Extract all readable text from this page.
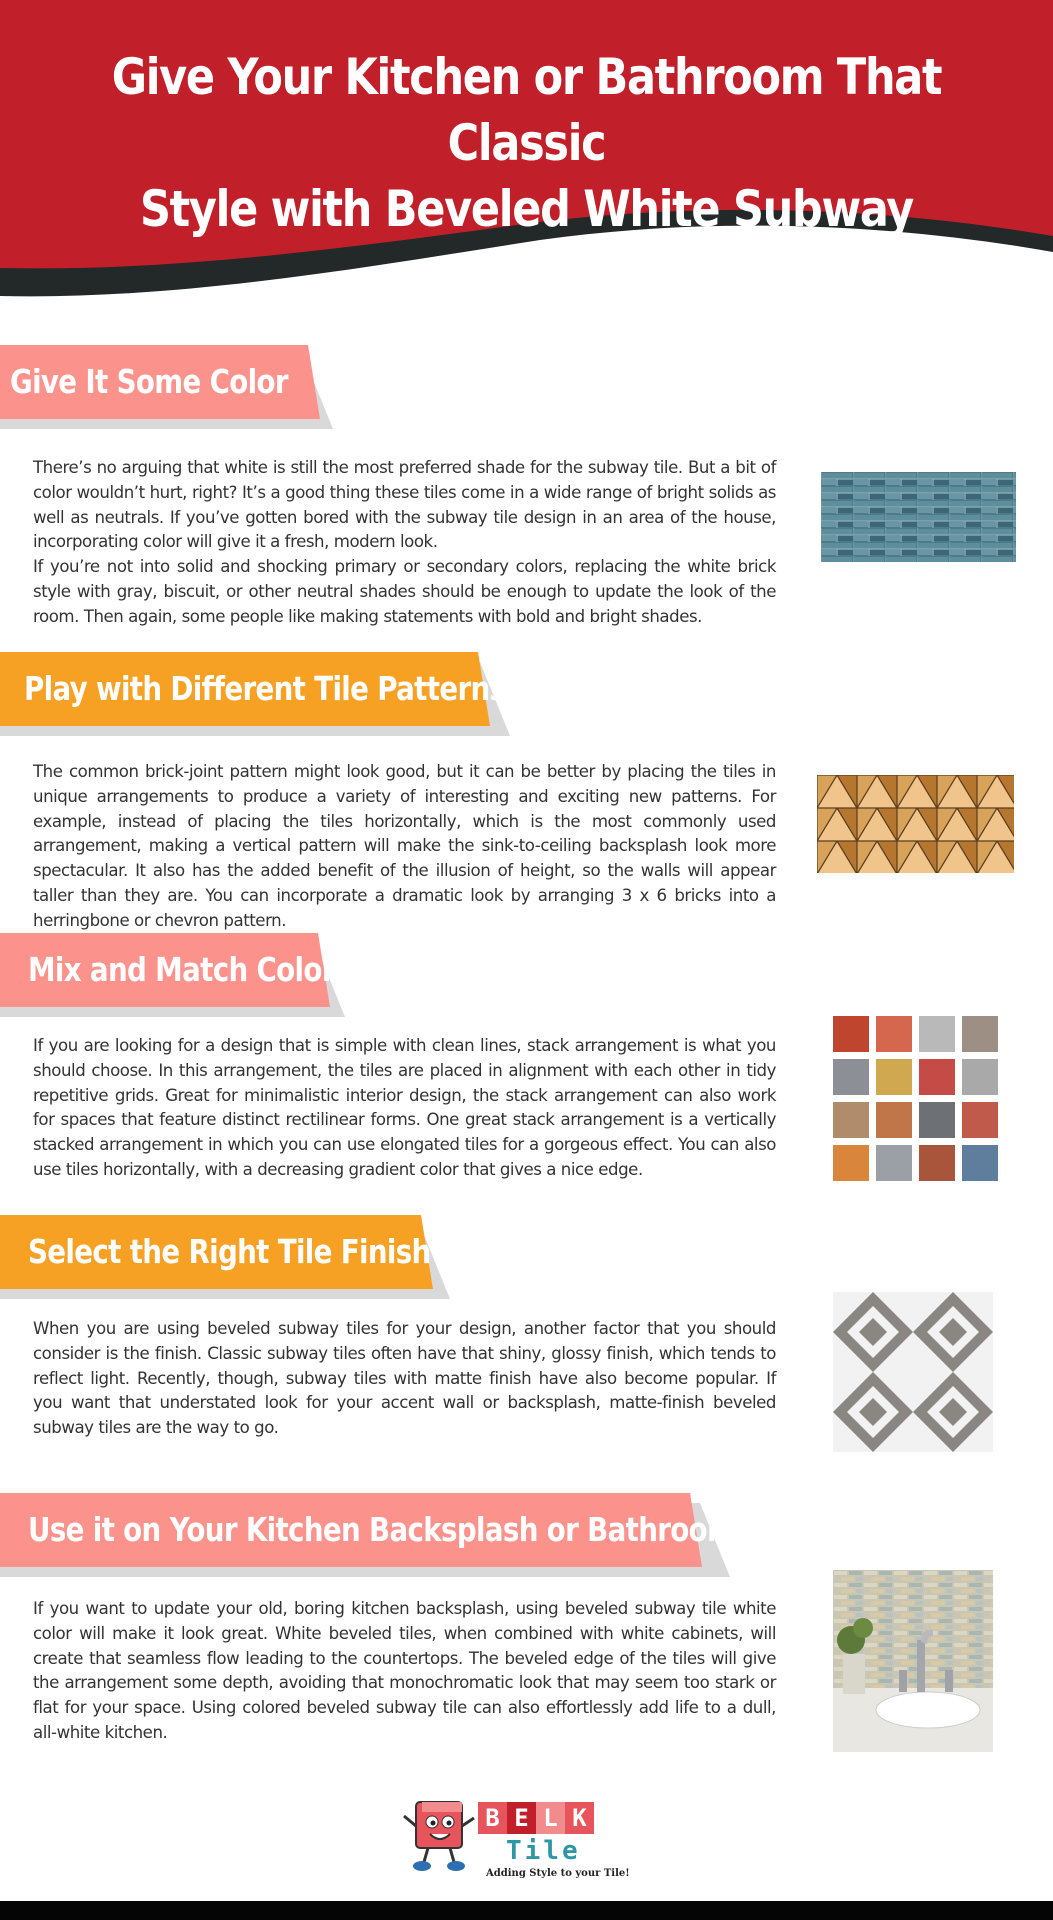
Give Your Kitchen or Bathroom That Classic
Style with Beveled White Subway Tile
Give It Some Color

There’s no arguing that white is still the most preferred shade for the subway tile. But a bit of color wouldn’t hurt, right? It’s a good thing these tiles come in a wide range of bright solids as well as neutrals. If you’ve gotten bored with the subway tile design in an area of the house, incorporating color will give it a fresh, modern look.

If you’re not into solid and shocking primary or secondary colors, replacing the white brick style with gray, biscuit, or other neutral shades should be enough to update the look of the room. Then again, some people like making statements with bold and bright shades.

Play with Different Tile Patterns

The common brick-joint pattern might look good, but it can be better by placing the tiles in unique arrangements to produce a variety of interesting and exciting new patterns. For example, instead of placing the tiles horizontally, which is the most commonly used arrangement, making a vertical pattern will make the sink-to-ceiling backsplash look more spectacular. It also has the added benefit of the illusion of height, so the walls will appear taller than they are. You can incorporate a dramatic look by arranging 3 x 6 bricks into a herringbone or chevron pattern.

Mix and Match Colors

If you are looking for a design that is simple with clean lines, stack arrangement is what you should choose. In this arrangement, the tiles are placed in alignment with each other in tidy repetitive grids. Great for minimalistic interior design, the stack arrangement can also work for spaces that feature distinct rectilinear forms. One great stack arrangement is a vertically stacked arrangement in which you can use elongated tiles for a gorgeous effect. You can also use tiles horizontally, with a decreasing gradient color that gives a nice edge.

Select the Right Tile Finish

When you are using beveled subway tiles for your design, another factor that you should consider is the finish. Classic subway tiles often have that shiny, glossy finish, which tends to reflect light. Recently, though, subway tiles with matte finish have also become popular. If you want that understated look for your accent wall or backsplash, matte-finish beveled subway tiles are the way to go.

Use it on Your Kitchen Backsplash or Bathroom

If you want to update your old, boring kitchen backsplash, using beveled subway tile white color will make it look great. White beveled tiles, when combined with white cabinets, will create that seamless flow leading to the countertops. The beveled edge of the tiles will give the arrangement some depth, avoiding that monochromatic look that may seem too stark or flat for your space. Using colored beveled subway tile can also effortlessly add life to a dull, all-white kitchen.

B E L K
Tile
Adding Style to your Tile!
